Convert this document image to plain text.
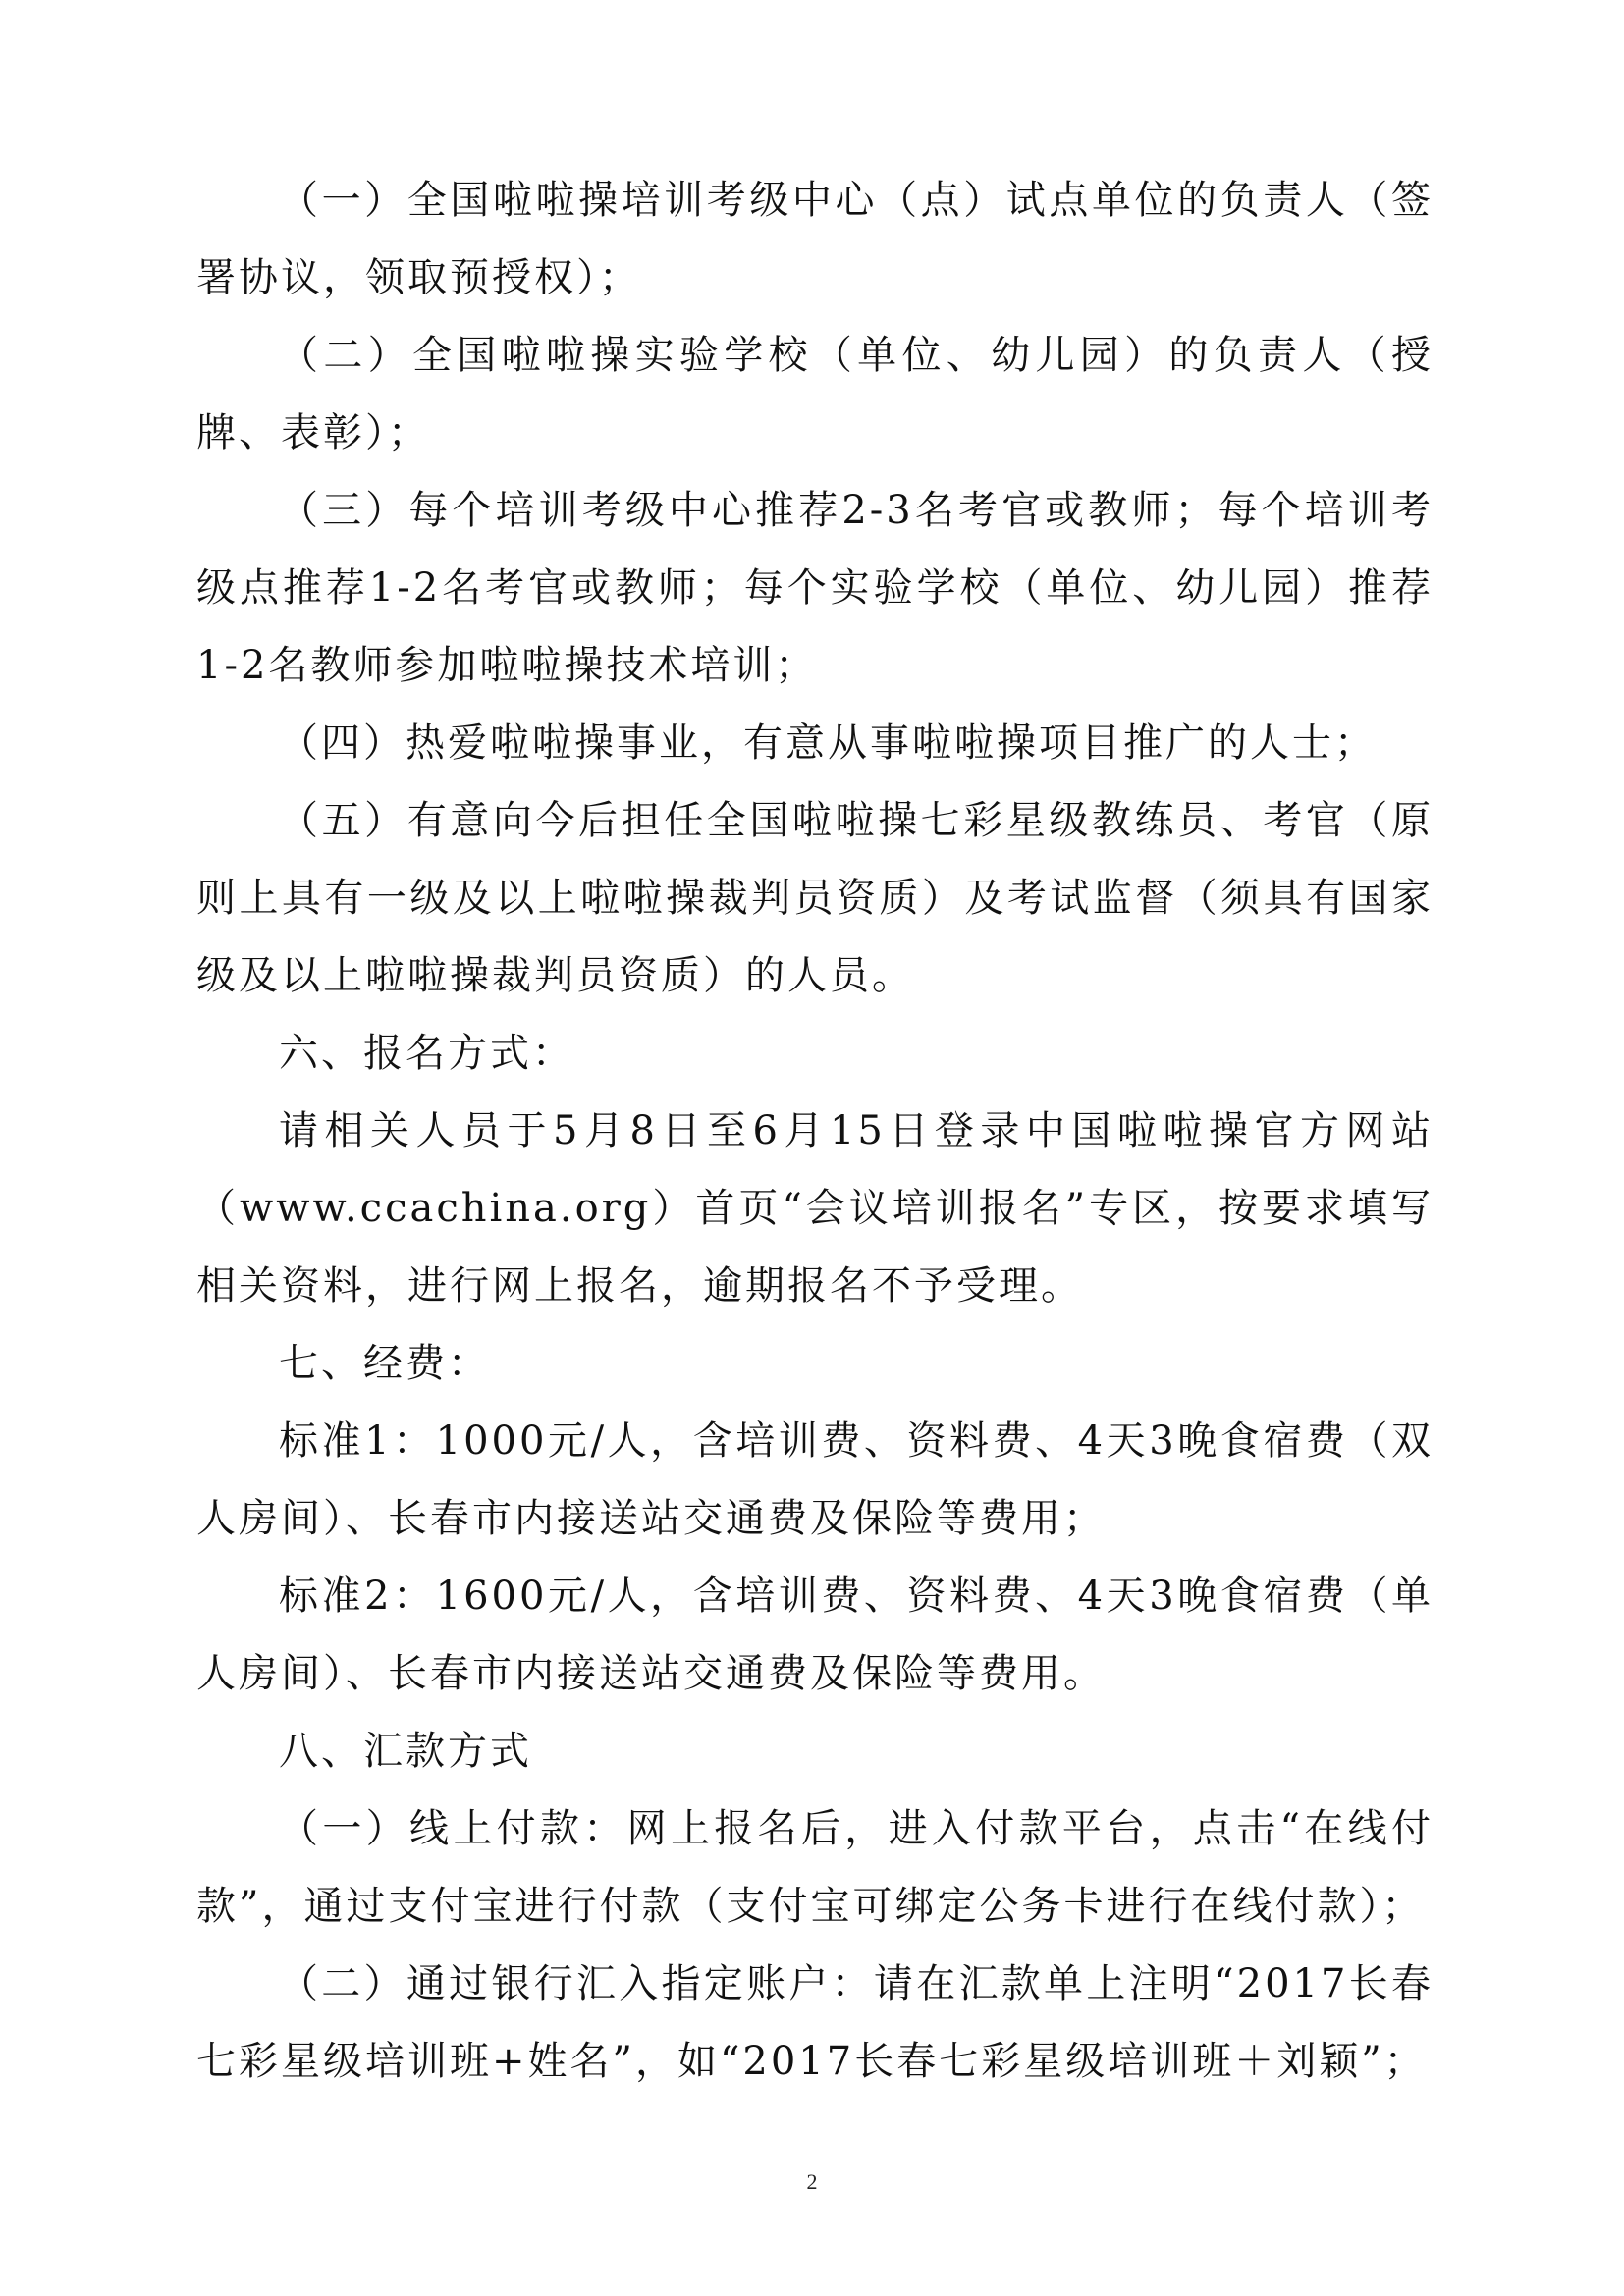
（一）全国啦啦操培训考级中心（点）试点单位的负责人（签署协议，领取预授权）；

（二）全国啦啦操实验学校（单位、幼儿园）的负责人（授牌、表彰）；

（三）每个培训考级中心推荐2-3名考官或教师；每个培训考级点推荐1-2名考官或教师；每个实验学校（单位、幼儿园）推荐1-2名教师参加啦啦操技术培训；

（四）热爱啦啦操事业，有意从事啦啦操项目推广的人士；

（五）有意向今后担任全国啦啦操七彩星级教练员、考官（原则上具有一级及以上啦啦操裁判员资质）及考试监督（须具有国家级及以上啦啦操裁判员资质）的人员。

六、报名方式：

请相关人员于5月8日至6月15日登录中国啦啦操官方网站（www.ccachina.org）首页“会议培训报名”专区，按要求填写相关资料，进行网上报名，逾期报名不予受理。

七、经费：

标准1：1000元/人，含培训费、资料费、4天3晚食宿费（双人房间）、长春市内接送站交通费及保险等费用；

标准2：1600元/人，含培训费、资料费、4天3晚食宿费（单人房间）、长春市内接送站交通费及保险等费用。

八、汇款方式

（一）线上付款：网上报名后，进入付款平台，点击“在线付款”，通过支付宝进行付款（支付宝可绑定公务卡进行在线付款）；

（二）通过银行汇入指定账户：请在汇款单上注明“2017长春七彩星级培训班+姓名”，如“2017长春七彩星级培训班＋刘颖”；

2
